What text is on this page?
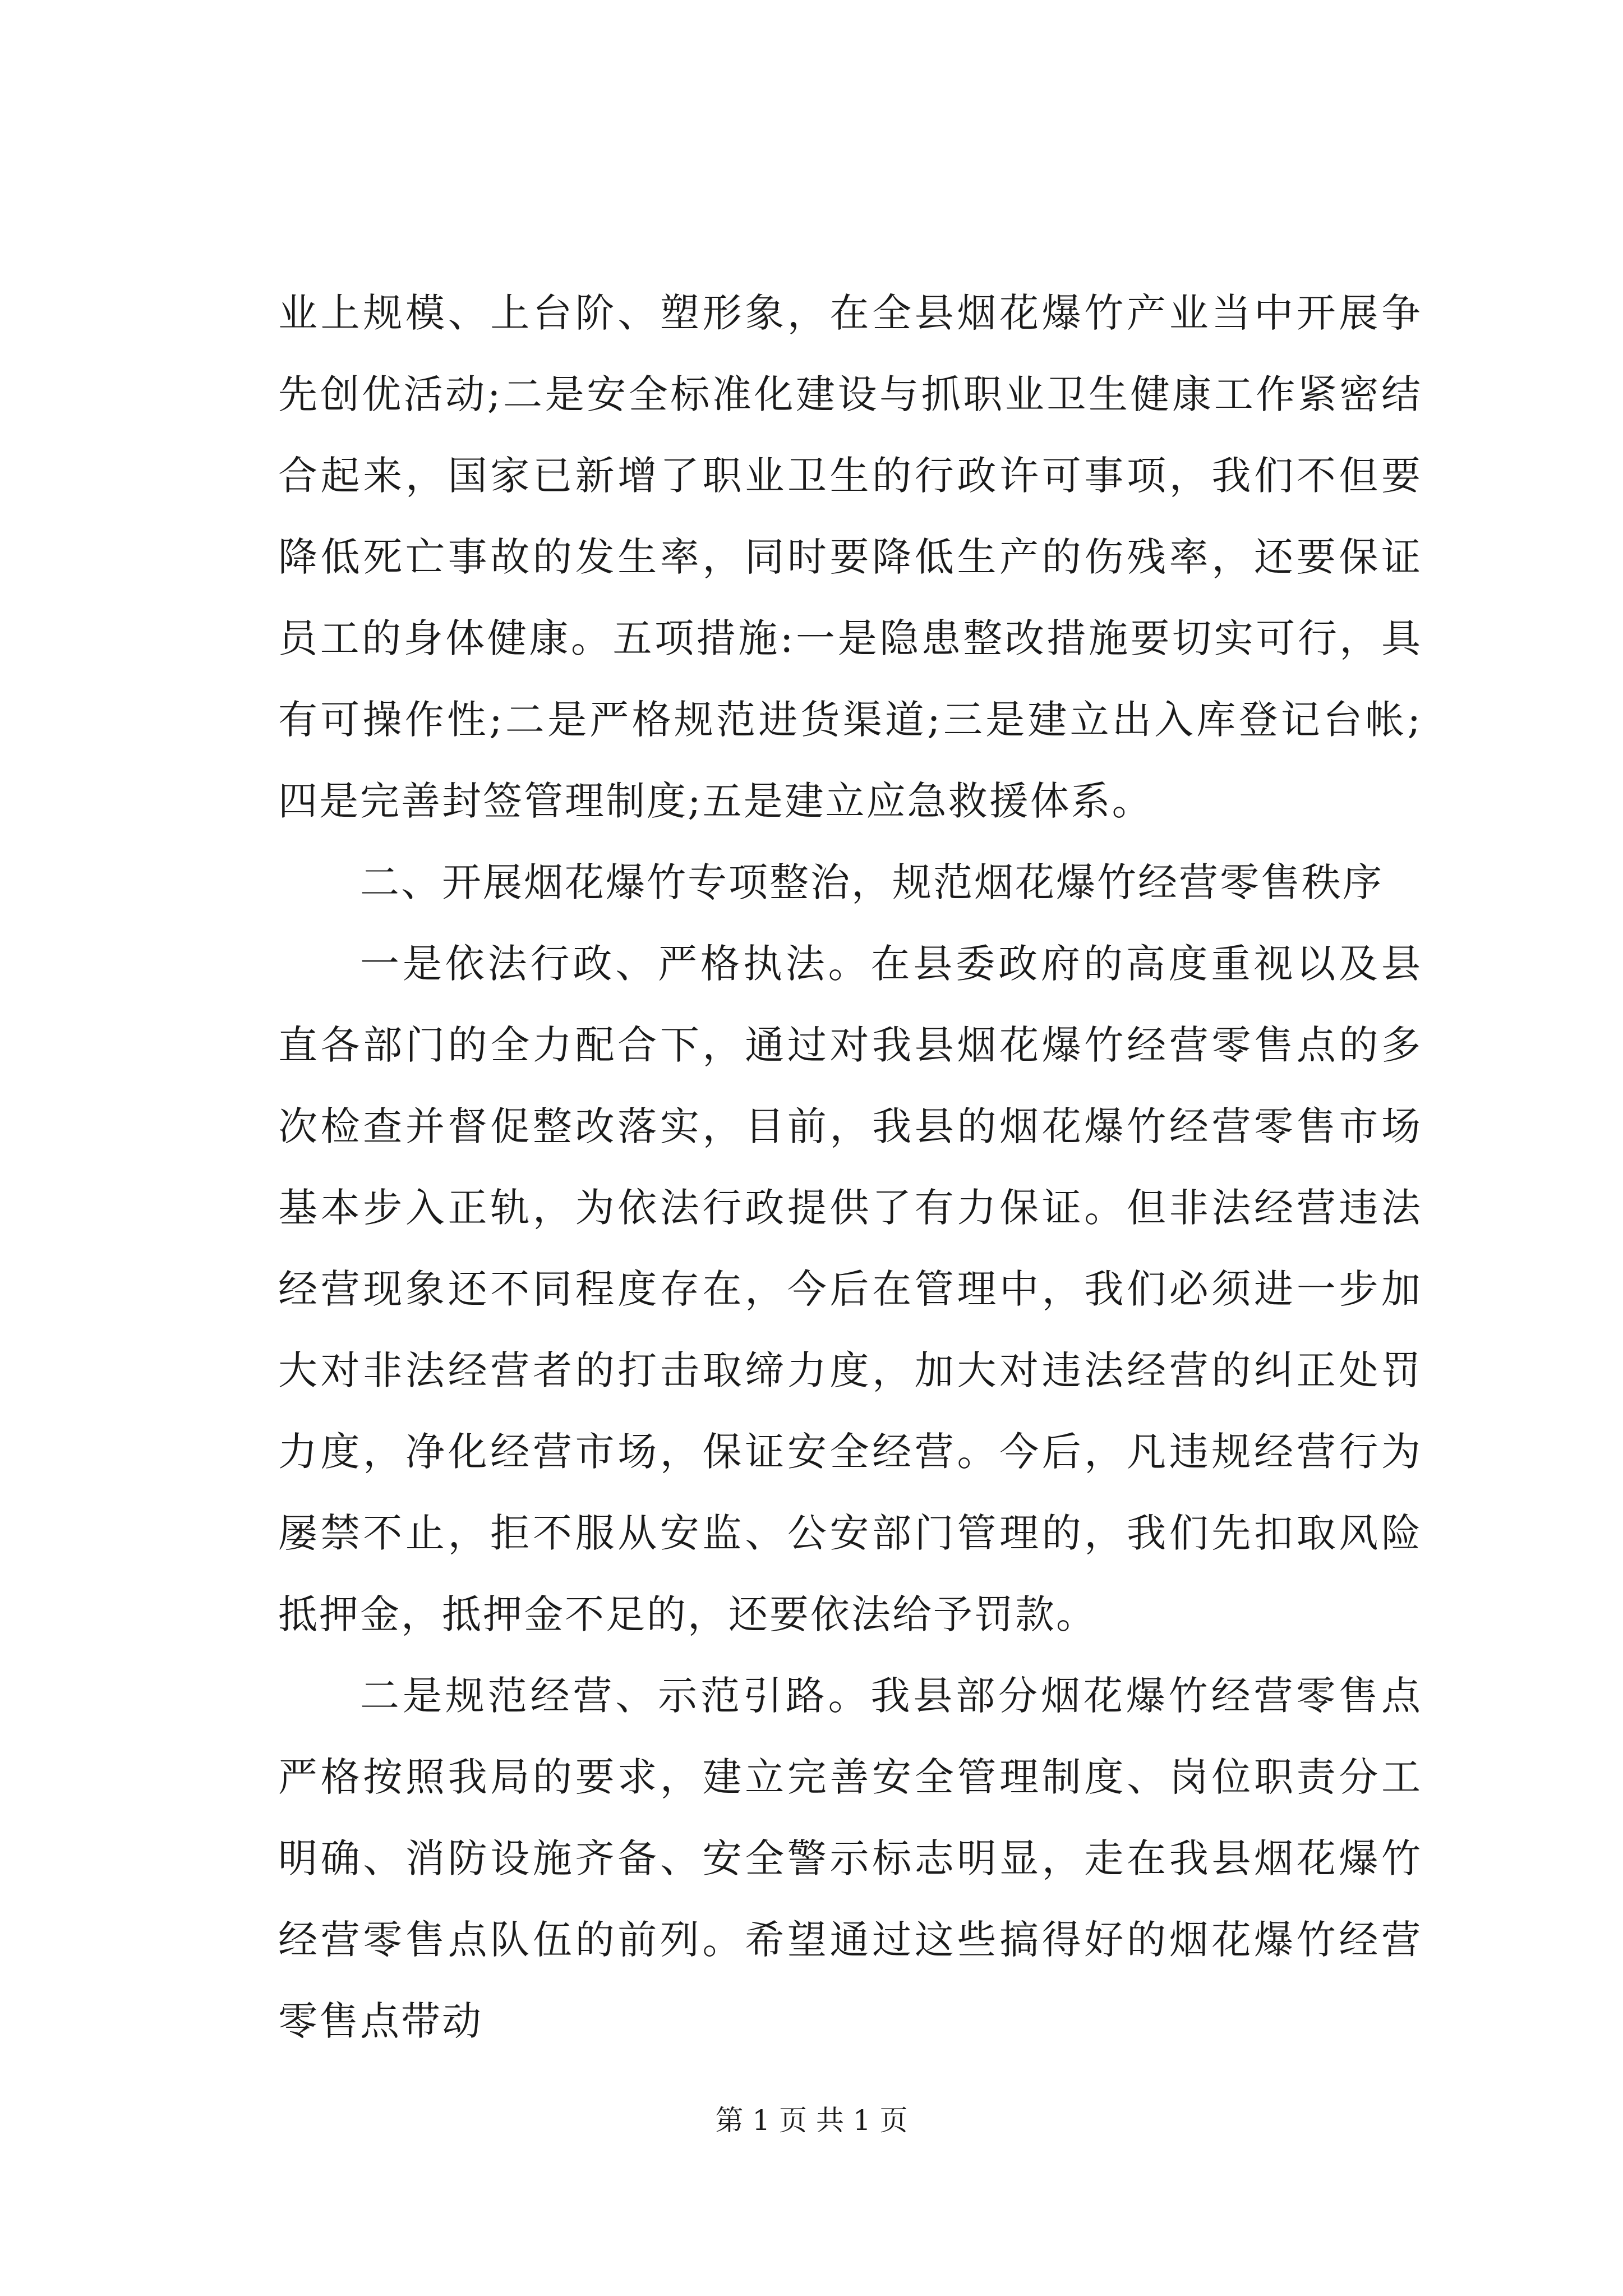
业上规模、上台阶、塑形象，在全县烟花爆竹产业当中开展争先创优活动;二是安全标准化建设与抓职业卫生健康工作紧密结合起来，国家已新增了职业卫生的行政许可事项，我们不但要降低死亡事故的发生率，同时要降低生产的伤残率，还要保证员工的身体健康。五项措施:一是隐患整改措施要切实可行，具有可操作性;二是严格规范进货渠道;三是建立出入库登记台帐;四是完善封签管理制度;五是建立应急救援体系。

二、开展烟花爆竹专项整治，规范烟花爆竹经营零售秩序

一是依法行政、严格执法。在县委政府的高度重视以及县直各部门的全力配合下，通过对我县烟花爆竹经营零售点的多次检查并督促整改落实，目前，我县的烟花爆竹经营零售市场基本步入正轨，为依法行政提供了有力保证。但非法经营违法经营现象还不同程度存在，今后在管理中，我们必须进一步加大对非法经营者的打击取缔力度，加大对违法经营的纠正处罚力度，净化经营市场，保证安全经营。今后，凡违规经营行为屡禁不止，拒不服从安监、公安部门管理的，我们先扣取风险抵押金，抵押金不足的，还要依法给予罚款。

二是规范经营、示范引路。我县部分烟花爆竹经营零售点严格按照我局的要求，建立完善安全管理制度、岗位职责分工明确、消防设施齐备、安全警示标志明显，走在我县烟花爆竹经营零售点队伍的前列。希望通过这些搞得好的烟花爆竹经营零售点带动

第 1 页 共 1 页
